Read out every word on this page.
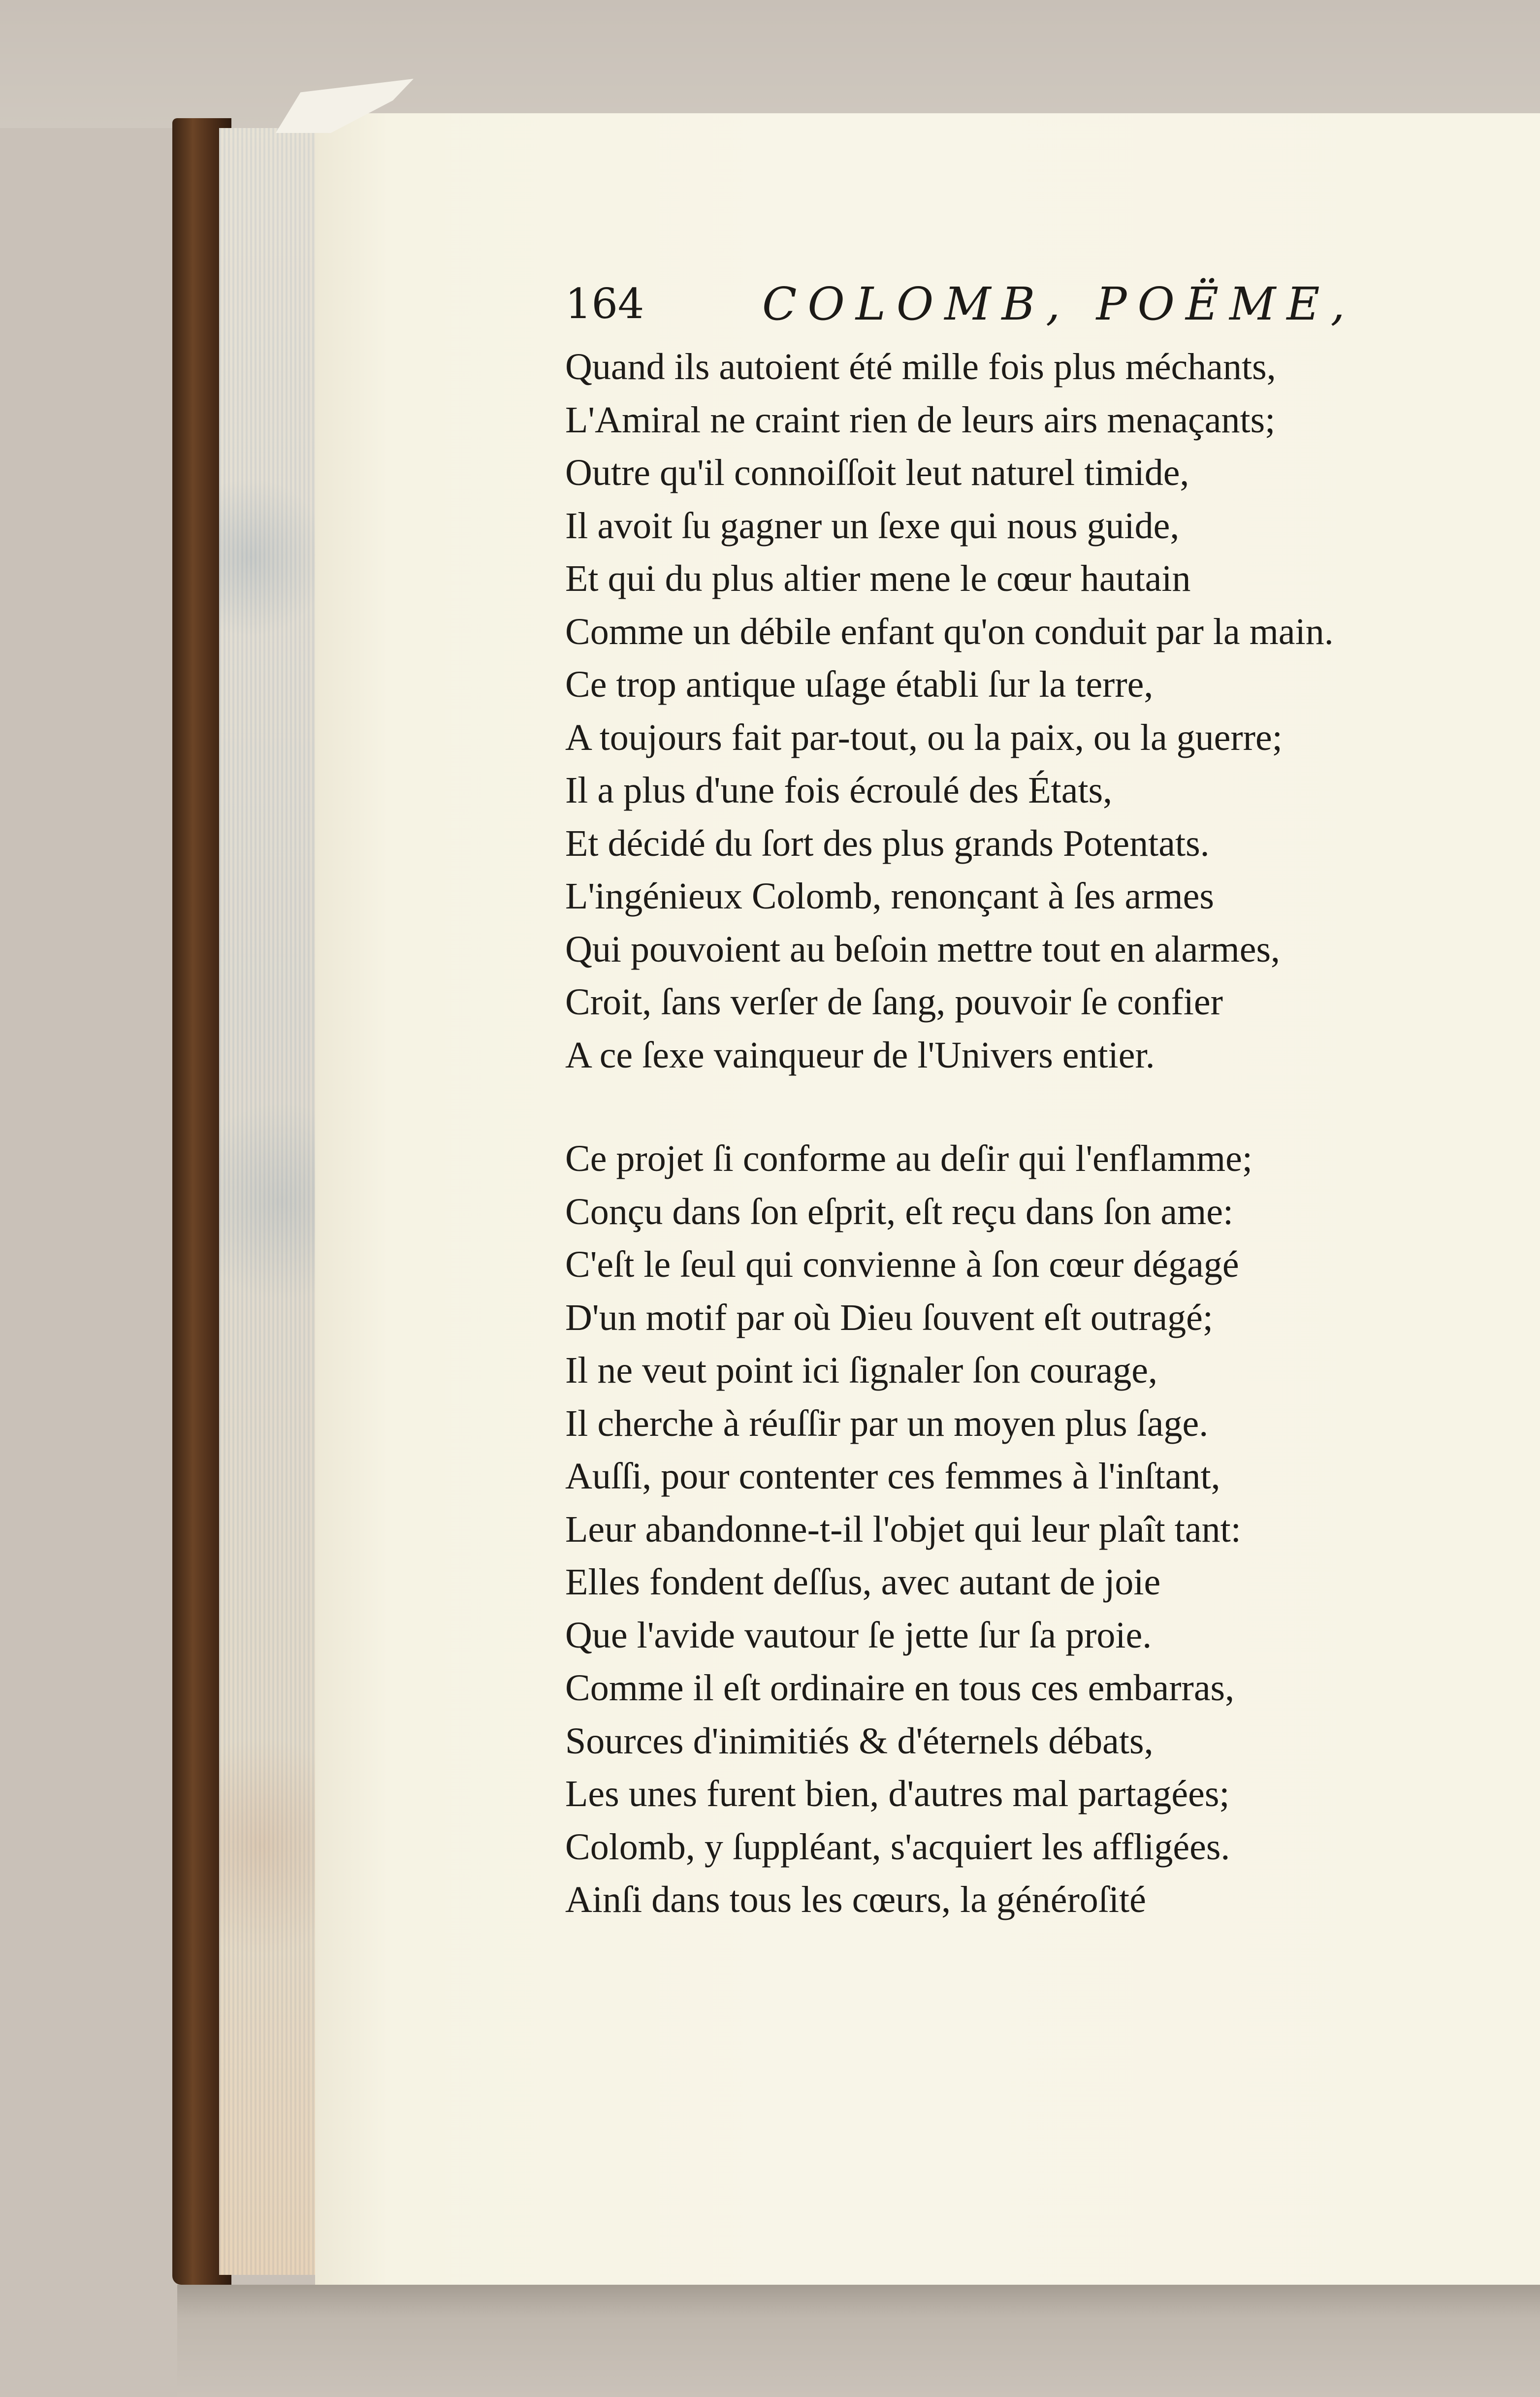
164	COLOMB, POËME,
Quand ils autoient été mille fois plus méchants,
L'Amiral ne craint rien de leurs airs menaçants;
Outre qu'il connoiſſoit leut naturel timide,
Il avoit ſu gagner un ſexe qui nous guide,
Et qui du plus altier mene le cœur hautain
Comme un débile enfant qu'on conduit par la main.
Ce trop antique uſage établi ſur la terre,
A toujours fait par-tout, ou la paix, ou la guerre;
Il a plus d'une fois écroulé des États,
Et décidé du ſort des plus grands Potentats.
L'ingénieux Colomb, renonçant à ſes armes
Qui pouvoient au beſoin mettre tout en alarmes,
Croit, ſans verſer de ſang, pouvoir ſe confier
A ce ſexe vainqueur de l'Univers entier.
Ce projet ſi conforme au deſir qui l'enflamme;
Conçu dans ſon eſprit, eſt reçu dans ſon ame:
C'eſt le ſeul qui convienne à ſon cœur dégagé
D'un motif par où Dieu ſouvent eſt outragé;
Il ne veut point ici ſignaler ſon courage,
Il cherche à réuſſir par un moyen plus ſage.
Auſſi, pour contenter ces femmes à l'inſtant,
Leur abandonne-t-il l'objet qui leur plaît tant:
Elles fondent deſſus, avec autant de joie
Que l'avide vautour ſe jette ſur ſa proie.
Comme il eſt ordinaire en tous ces embarras,
Sources d'inimitiés & d'éternels débats,
Les unes furent bien, d'autres mal partagées;
Colomb, y ſuppléant, s'acquiert les affligées.
Ainſi dans tous les cœurs, la généroſité
